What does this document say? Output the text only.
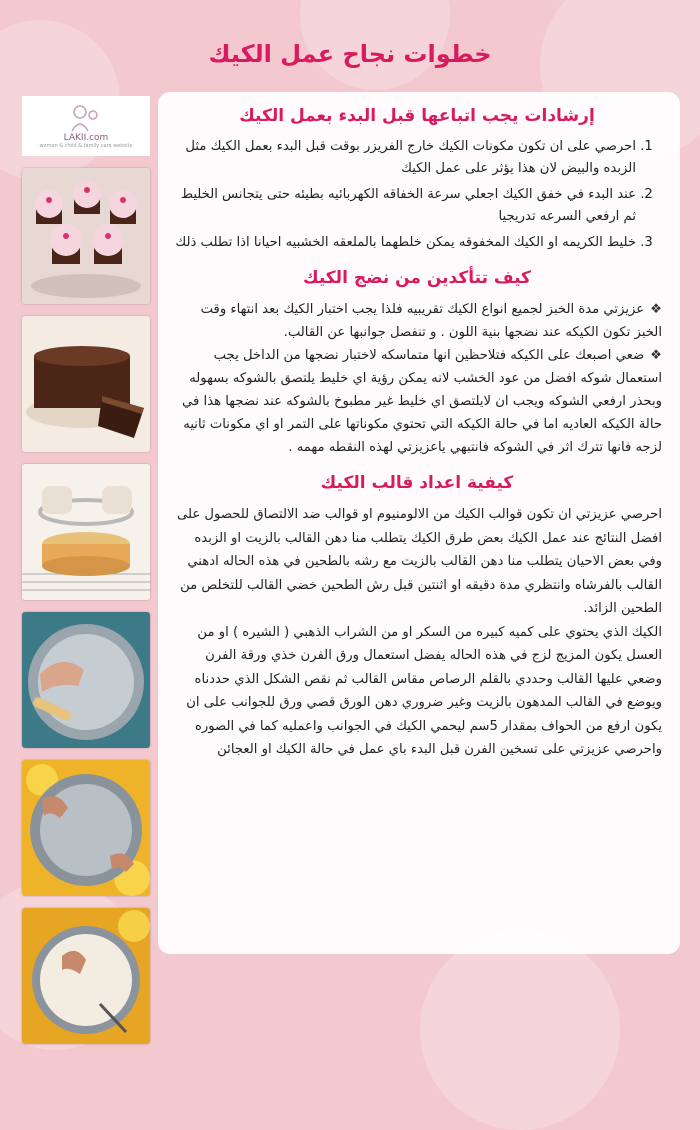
خطوات نجاح عمل الكيك
LAKII.com
women & child & family care website
إرشادات يجب اتباعها قبل البدء بعمل الكيك
1. احرصي على ان تكون مكونات الكيك خارج الفريزر بوقت قبل البدء بعمل الكيك مثل الزبده والبيض لان هذا يؤثر على عمل الكيك
2. عند البدء في خفق الكيك اجعلي سرعة الخفاقه الكهربائيه بطيئه حتى يتجانس الخليط ثم ارفعي السرعه تدريجيا
3. خليط الكريمه او الكيك المخفوقه يمكن خلطهما بالملعقه الخشبيه احيانا اذا تطلب ذلك
كيف تتأكدين من نضج الكيك

❖عزيزتي مدة الخبز لجميع انواع الكيك تقريبيه فلذا يجب اختبار الكيك بعد انتهاء وقت الخبز تكون الكيكه عند نضجها بنية اللون . و تنفصل جوانبها عن القالب.

❖ضعي اصبعك على الكيكه فتلاحظين انها متماسكه لاختبار نضجها من الداخل يجب استعمال شوكه افضل من عود الخشب لانه يمكن رؤية اي خليط يلتصق بالشوكه بسهوله وبحذر ارفعي الشوكه ويجب ان لايلتصق اي خليط غير مطبوخ بالشوكه عند نضجها هذا في حالة الكيكه العاديه اما في حالة الكيكه التي تحتوي مكوناتها على التمر او اي مكونات ثانيه لزجه فانها تترك اثر في الشوكه فانتبهي ياعزيزتي لهذه النقطه مهمه .

كيفية اعداد قالب الكيك

احرصي عزيزتي ان تكون قوالب الكيك من الالومنيوم او قوالب ضد الالتصاق للحصول على افضل النتائج عند عمل الكيك بعض طرق الكيك يتطلب منا دهن القالب بالزيت او الزبده وفي بعض الاحيان يتطلب منا دهن القالب بالزيت مع رشه بالطحين في هذه الحاله ادهني القالب بالفرشاه وانتظري مدة دقيقه او اثنتين قبل رش الطحين خضي القالب للتخلص من الطحين الزائد.

الكيك الذي يحتوي على كميه كبيره من السكر او من الشراب الذهبي ( الشيره ) او من العسل يكون المزيج لزج في هذه الحاله يفضل استعمال ورق الفرن خذي ورقة الفرن وضعي عليها القالب وحددي بالقلم الرصاص مقاس القالب ثم نقص الشكل الذي حددناه ويوضع في القالب المدهون بالزيت وغير ضروري دهن الورق قصي ورق للجوانب على ان يكون ارفع من الحواف بمقدار 5سم ليحمي الكيك في الجوانب واعمليه كما في الصوره واحرصي عزيزتي على تسخين الفرن قبل البدء باي عمل في حالة الكيك او العجائن
